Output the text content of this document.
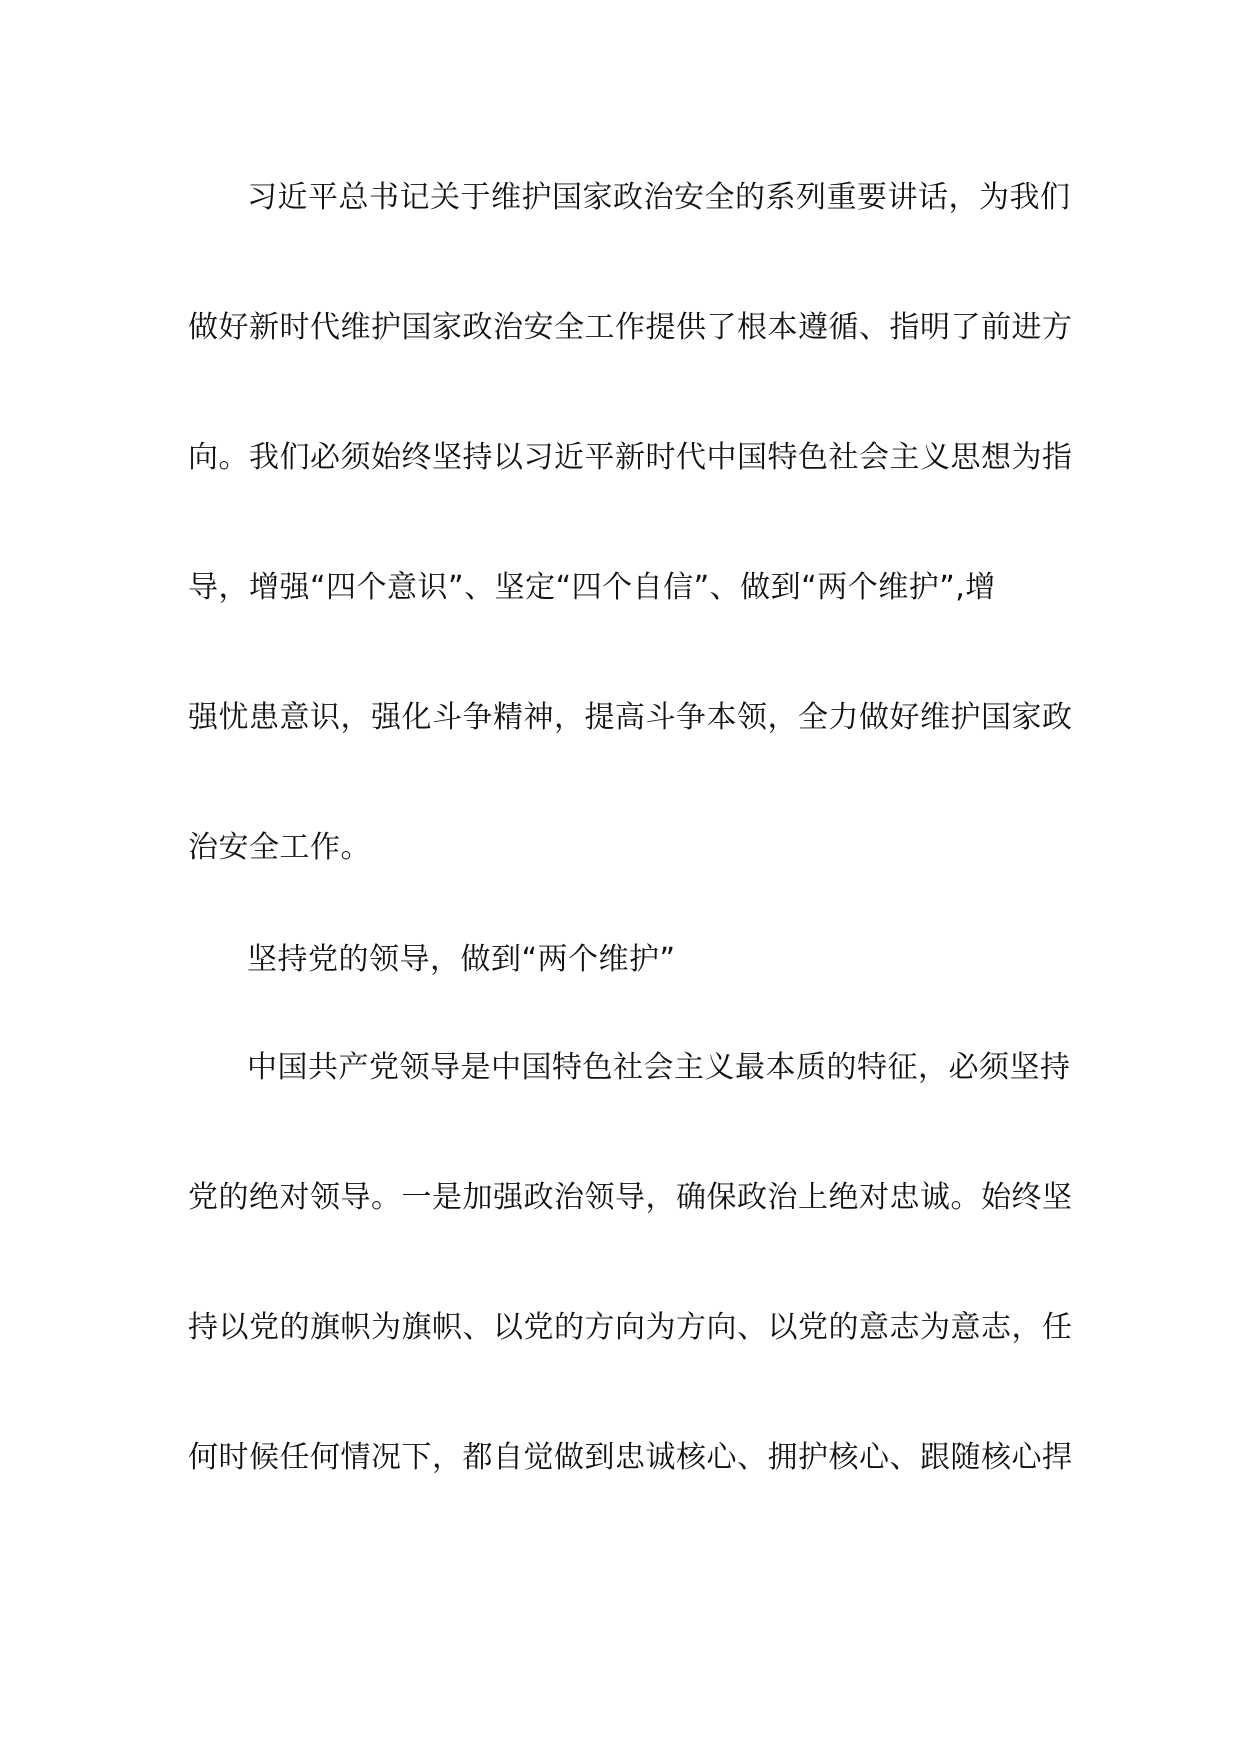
习近平总书记关于维护国家政治安全的系列重要讲话，为我们
做好新时代维护国家政治安全工作提供了根本遵循、指明了前进方
向。我们必须始终坚持以习近平新时代中国特色社会主义思想为指
导，增强“四个意识”、坚定“四个自信”、做到“两个维护”,增
强忧患意识，强化斗争精神，提高斗争本领，全力做好维护国家政
治安全工作。
坚持党的领导，做到“两个维护”
中国共产党领导是中国特色社会主义最本质的特征，必须坚持
党的绝对领导。一是加强政治领导，确保政治上绝对忠诚。始终坚
持以党的旗帜为旗帜、以党的方向为方向、以党的意志为意志，任
何时候任何情况下，都自觉做到忠诚核心、拥护核心、跟随核心捍
